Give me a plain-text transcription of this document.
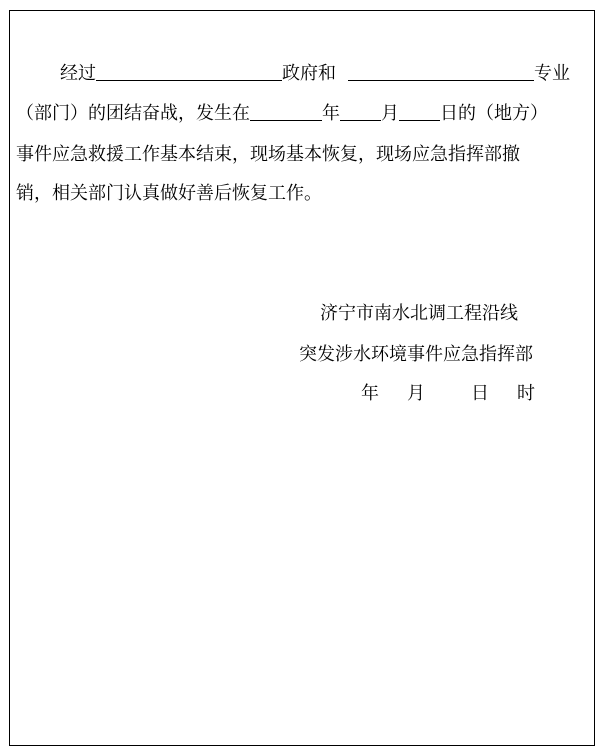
经过	政府和	专业
（部门）的团结奋战，发生在	年 月 日的（地方）
事件应急救援工作基本结束，现场基本恢复，现场应急指挥部撤
销，相关部门认真做好善后恢复工作。
济宁市南水北调工程沿线
突发涉水环境事件应急指挥部
年 月	日 时
